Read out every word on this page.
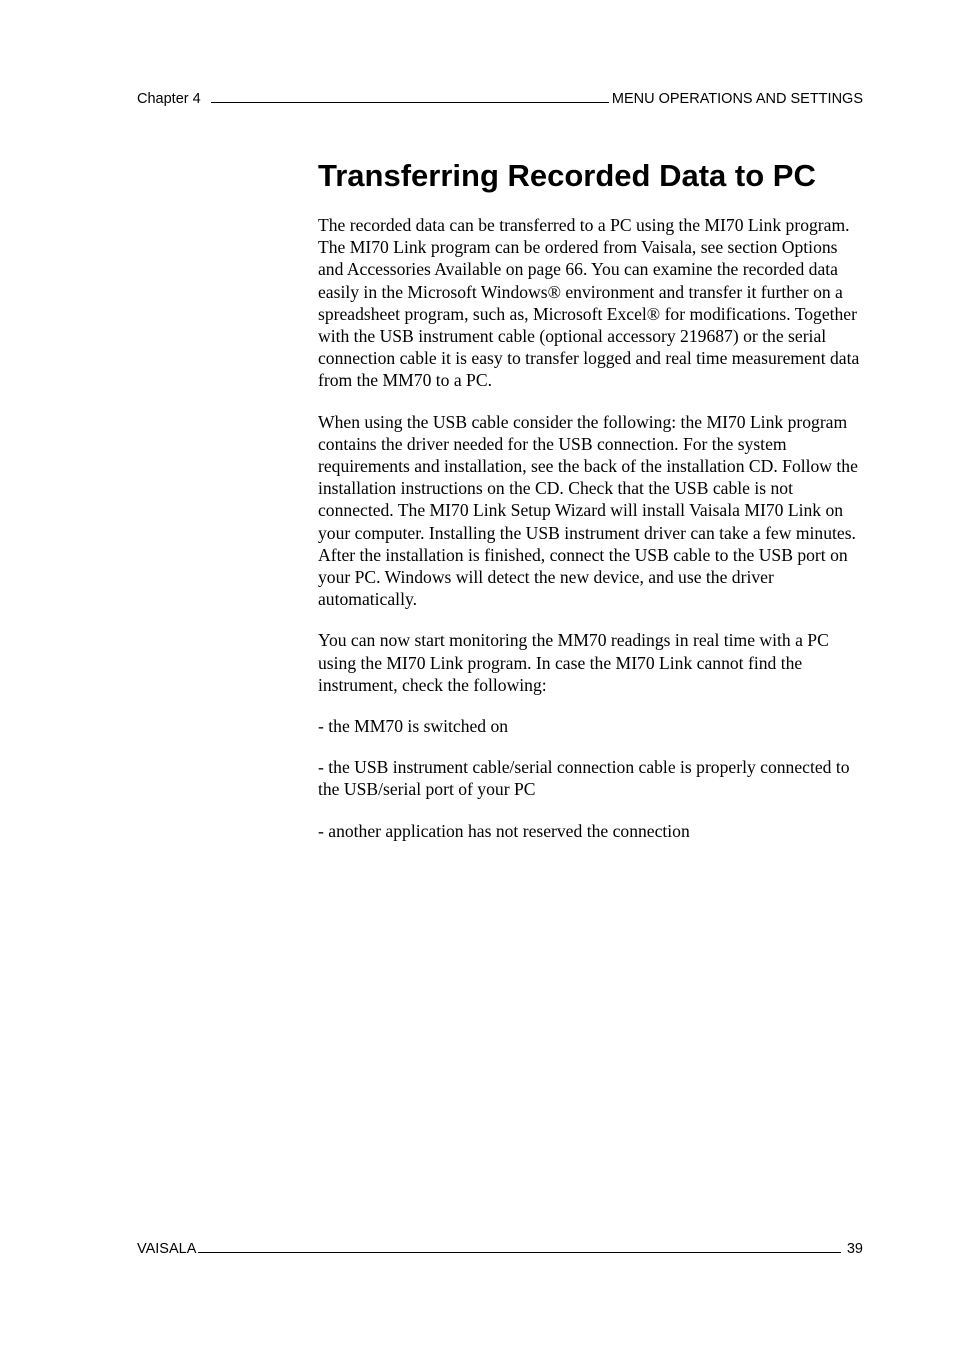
Chapter 4	MENU OPERATIONS AND SETTINGS
Transferring Recorded Data to PC

The recorded data can be transferred to a PC using the MI70 Link program. The MI70 Link program can be ordered from Vaisala, see section Options and Accessories Available on page 66. You can examine the recorded data easily in the Microsoft Windows® environment and transfer it further on a spreadsheet program, such as, Microsoft Excel® for modifications. Together with the USB instrument cable (optional accessory 219687) or the serial connection cable it is easy to transfer logged and real time measurement data from the MM70 to a PC.

When using the USB cable consider the following: the MI70 Link program contains the driver needed for the USB connection. For the system requirements and installation, see the back of the installation CD. Follow the installation instructions on the CD. Check that the USB cable is not connected. The MI70 Link Setup Wizard will install Vaisala MI70 Link on your computer. Installing the USB instrument driver can take a few minutes. After the installation is finished, connect the USB cable to the USB port on your PC. Windows will detect the new device, and use the driver automatically.

You can now start monitoring the MM70 readings in real time with a PC using the MI70 Link program. In case the MI70 Link cannot find the instrument, check the following:

- the MM70 is switched on

- the USB instrument cable/serial connection cable is properly connected to the USB/serial port of your PC

- another application has not reserved the connection

VAISALA	39
